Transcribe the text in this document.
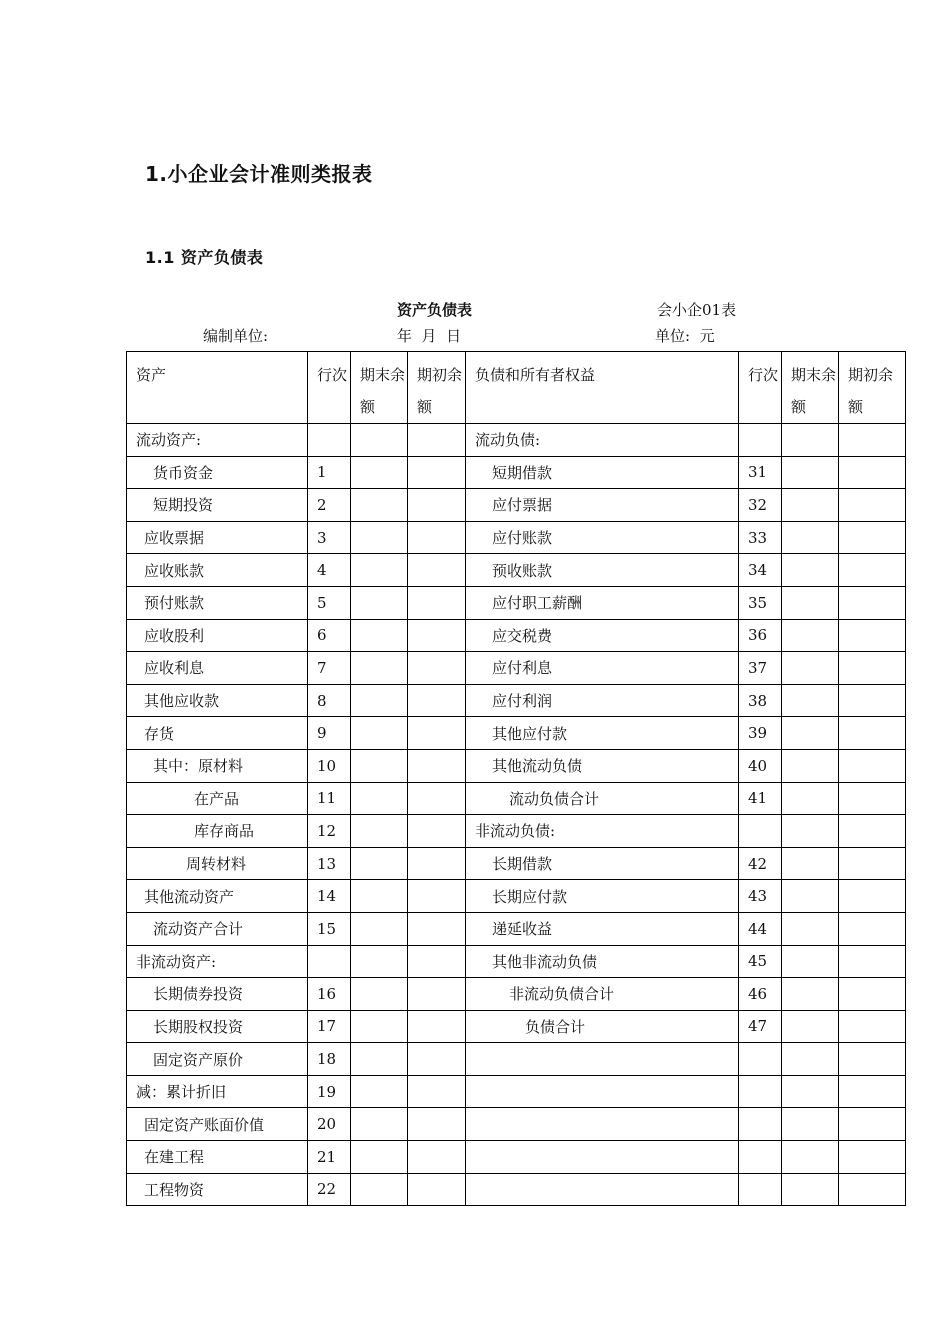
1.小企业会计准则类报表
1.1 资产负债表
资产负债表	会小企01表
编制单位:	年  月  日	单位:  元
资产	行次	期末余额	期初余额	负债和所有者权益	行次	期末余额	期初余额
流动资产:				流动负债:			
货币资金	1			短期借款	31		
短期投资	2			应付票据	32		
应收票据	3			应付账款	33		
应收账款	4			预收账款	34		
预付账款	5			应付职工薪酬	35		
应收股利	6			应交税费	36		
应收利息	7			应付利息	37		
其他应收款	8			应付利润	38		
存货	9			其他应付款	39		
其中：原材料	10			其他流动负债	40		
在产品	11			流动负债合计	41		
库存商品	12			非流动负债:			
周转材料	13			长期借款	42		
其他流动资产	14			长期应付款	43		
流动资产合计	15			递延收益	44		
非流动资产:				其他非流动负债	45		
长期债券投资	16			非流动负债合计	46		
长期股权投资	17			负债合计	47		
固定资产原价	18						
减：累计折旧	19						
固定资产账面价值	20						
在建工程	21						
工程物资	22						
